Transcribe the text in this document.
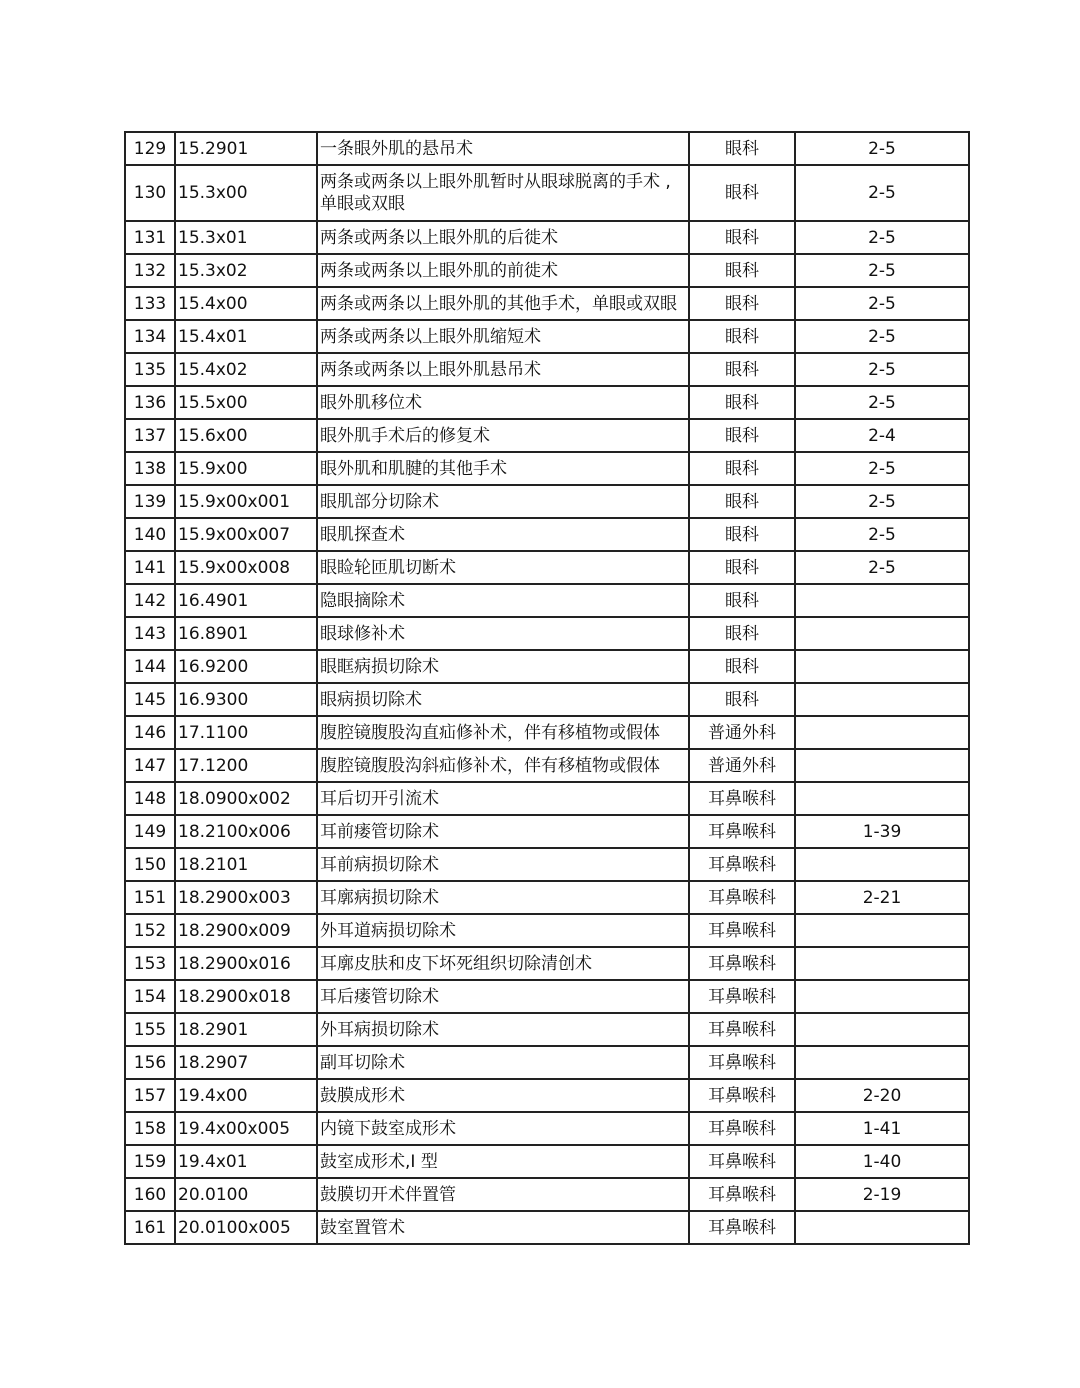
129	15.2901	一条眼外肌的悬吊术	眼科	2-5
130	15.3x00	两条或两条以上眼外肌暂时从眼球脱离的手术 ,单眼或双眼	眼科	2-5
131	15.3x01	两条或两条以上眼外肌的后徙术	眼科	2-5
132	15.3x02	两条或两条以上眼外肌的前徙术	眼科	2-5
133	15.4x00	两条或两条以上眼外肌的其他手术，单眼或双眼	眼科	2-5
134	15.4x01	两条或两条以上眼外肌缩短术	眼科	2-5
135	15.4x02	两条或两条以上眼外肌悬吊术	眼科	2-5
136	15.5x00	眼外肌移位术	眼科	2-5
137	15.6x00	眼外肌手术后的修复术	眼科	2-4
138	15.9x00	眼外肌和肌腱的其他手术	眼科	2-5
139	15.9x00x001	眼肌部分切除术	眼科	2-5
140	15.9x00x007	眼肌探查术	眼科	2-5
141	15.9x00x008	眼睑轮匝肌切断术	眼科	2-5
142	16.4901	隐眼摘除术	眼科	
143	16.8901	眼球修补术	眼科	
144	16.9200	眼眶病损切除术	眼科	
145	16.9300	眼病损切除术	眼科	
146	17.1100	腹腔镜腹股沟直疝修补术，伴有移植物或假体	普通外科	
147	17.1200	腹腔镜腹股沟斜疝修补术，伴有移植物或假体	普通外科	
148	18.0900x002	耳后切开引流术	耳鼻喉科	
149	18.2100x006	耳前瘘管切除术	耳鼻喉科	1-39
150	18.2101	耳前病损切除术	耳鼻喉科	
151	18.2900x003	耳廓病损切除术	耳鼻喉科	2-21
152	18.2900x009	外耳道病损切除术	耳鼻喉科	
153	18.2900x016	耳廓皮肤和皮下坏死组织切除清创术	耳鼻喉科	
154	18.2900x018	耳后瘘管切除术	耳鼻喉科	
155	18.2901	外耳病损切除术	耳鼻喉科	
156	18.2907	副耳切除术	耳鼻喉科	
157	19.4x00	鼓膜成形术	耳鼻喉科	2-20
158	19.4x00x005	内镜下鼓室成形术	耳鼻喉科	1-41
159	19.4x01	鼓室成形术,I 型	耳鼻喉科	1-40
160	20.0100	鼓膜切开术伴置管	耳鼻喉科	2-19
161	20.0100x005	鼓室置管术	耳鼻喉科	
